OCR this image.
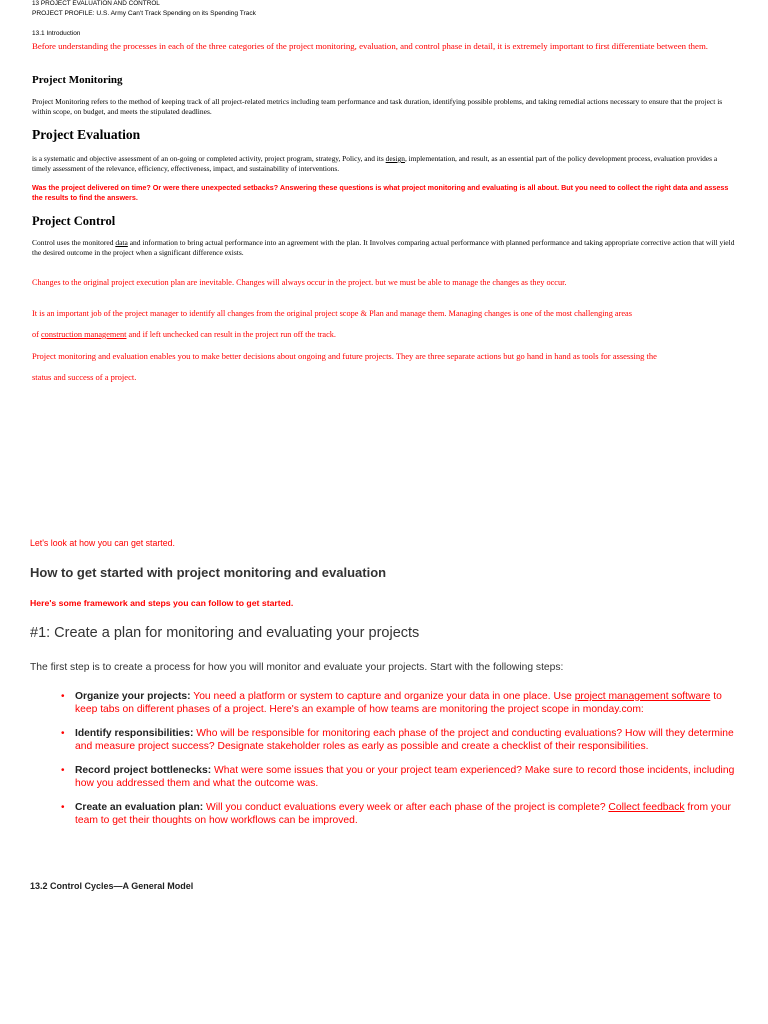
13 PROJECT EVALUATION AND CONTROL

PROJECT PROFILE: U.S. Army Can't Track Spending on its Spending Track

13.1 Introduction

Before understanding the processes in each of the three categories of the project monitoring, evaluation, and control phase in detail, it is extremely important to first differentiate between them.

Project Monitoring

Project Monitoring refers to the method of keeping track of all project-related metrics including team performance and task duration, identifying possible problems, and taking remedial actions necessary to ensure that the project is within scope, on budget, and meets the stipulated deadlines.

Project Evaluation

is a systematic and objective assessment of an on-going or completed activity, project program, strategy, Policy, and its design, implementation, and result, as an essential part of the policy development process, evaluation provides a timely assessment of the relevance, efficiency, effectiveness, impact, and sustainability of interventions.

Was the project delivered on time? Or were there unexpected setbacks? Answering these questions is what project monitoring and evaluating is all about. But you need to collect the right data and assess the results to find the answers.

Project Control

Control uses the monitored data and information to bring actual performance into an agreement with the plan. It Involves comparing actual performance with planned performance and taking appropriate corrective action that will yield the desired outcome in the project when a significant difference exists.

Changes to the original project execution plan are inevitable. Changes will always occur in the project. but we must be able to manage the changes as they occur.

It is an important job of the project manager to identify all changes from the original project scope & Plan and manage them. Managing changes is one of the most challenging areas

of construction management and if left unchecked can result in the project run off the track.

Project monitoring and evaluation enables you to make better decisions about ongoing and future projects. They are three separate actions but go hand in hand as tools for assessing the

status and success of a project.

Let's look at how you can get started.

How to get started with project monitoring and evaluation

Here's some framework and steps you can follow to get started.

#1: Create a plan for monitoring and evaluating your projects

The first step is to create a process for how you will monitor and evaluate your projects. Start with the following steps:

•
Organize your projects: You need a platform or system to capture and organize your data in one place. Use project management software to keep tabs on different phases of a project. Here's an example of how teams are monitoring the project scope in monday.com:
•
Identify responsibilities: Who will be responsible for monitoring each phase of the project and conducting evaluations? How will they determine and measure project success? Designate stakeholder roles as early as possible and create a checklist of their responsibilities.
•
Record project bottlenecks: What were some issues that you or your project team experienced? Make sure to record those incidents, including how you addressed them and what the outcome was.
•
Create an evaluation plan: Will you conduct evaluations every week or after each phase of the project is complete? Collect feedback from your team to get their thoughts on how workflows can be improved.
13.2 Control Cycles—A General Model
